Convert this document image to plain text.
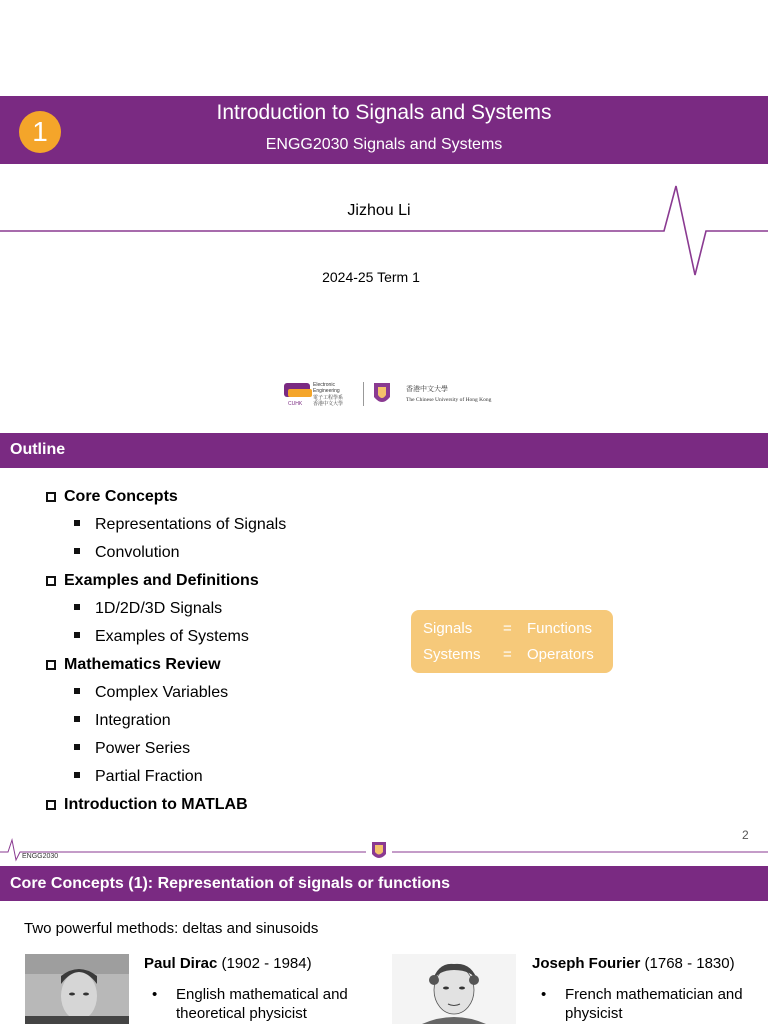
1
Introduction to Signals and Systems
ENGG2030 Signals and Systems
Jizhou Li
2024-25 Term 1
Electronic
Engineering
電子工程學系
香港中文大學
CUHK
香港中文大學
The Chinese University of Hong Kong
Outline
Core Concepts
Representations of Signals
Convolution
Examples and Definitions
1D/2D/3D Signals
Examples of Systems
Mathematics Review
Complex Variables
Integration
Power Series
Partial Fraction
Introduction to MATLAB
Signals = Functions
Systems = Operators
2
ENGG2030
Core Concepts (1): Representation of signals or functions
Two powerful methods: deltas and sinusoids
Paul Dirac (1902 - 1984)
• English mathematical and theoretical physicist
Joseph Fourier (1768 - 1830)
• French mathematician and physicist
